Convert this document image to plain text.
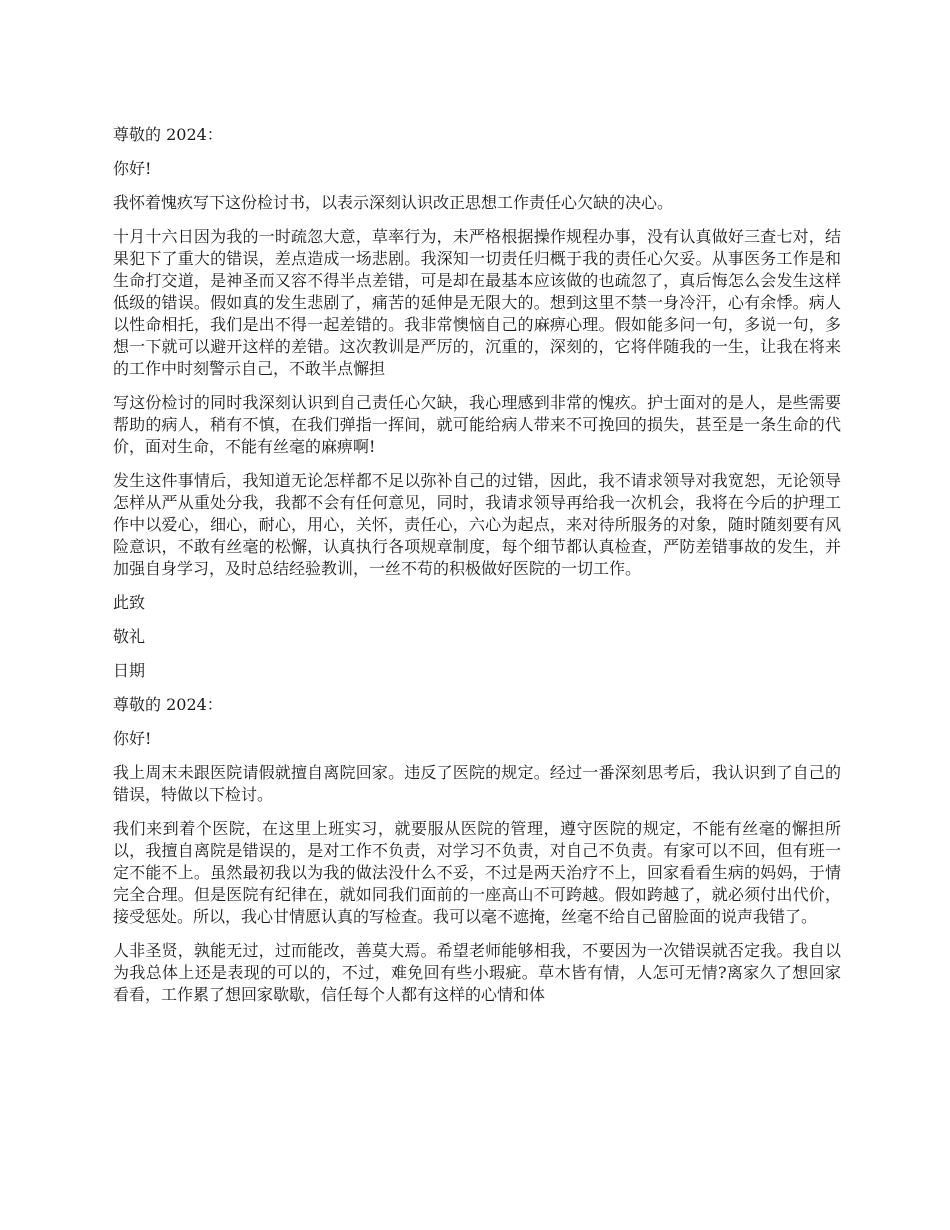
尊敬的 2024：

你好!

我怀着愧疚写下这份检讨书，以表示深刻认识改正思想工作责任心欠缺的决心。

十月十六日因为我的一时疏忽大意，草率行为，未严格根据操作规程办事，没有认真做好三查七对，结果犯下了重大的错误，差点造成一场悲剧。我深知一切责任归概于我的责任心欠妥。从事医务工作是和生命打交道，是神圣而又容不得半点差错，可是却在最基本应该做的也疏忽了，真后悔怎么会发生这样低级的错误。假如真的发生悲剧了，痛苦的延伸是无限大的。想到这里不禁一身冷汗，心有余悸。病人以性命相托，我们是出不得一起差错的。我非常懊恼自己的麻痹心理。假如能多问一句，多说一句，多想一下就可以避开这样的差错。这次教训是严厉的，沉重的，深刻的，它将伴随我的一生，让我在将来的工作中时刻警示自己，不敢半点懈担

写这份检讨的同时我深刻认识到自己责任心欠缺，我心理感到非常的愧疚。护士面对的是人，是些需要帮助的病人，稍有不慎，在我们弹指一挥间，就可能给病人带来不可挽回的损失，甚至是一条生命的代价，面对生命，不能有丝毫的麻痹啊!

发生这件事情后，我知道无论怎样都不足以弥补自己的过错，因此，我不请求领导对我宽恕，无论领导怎样从严从重处分我，我都不会有任何意见，同时，我请求领导再给我一次机会，我将在今后的护理工作中以爱心，细心，耐心，用心，关怀，责任心，六心为起点，来对待所服务的对象，随时随刻要有风险意识，不敢有丝毫的松懈，认真执行各项规章制度，每个细节都认真检查，严防差错事故的发生，并加强自身学习，及时总结经验教训，一丝不苟的积极做好医院的一切工作。

此致

敬礼

日期

尊敬的 2024：

你好!

我上周末未跟医院请假就擅自离院回家。违反了医院的规定。经过一番深刻思考后，我认识到了自己的错误，特做以下检讨。

我们来到着个医院，在这里上班实习，就要服从医院的管理，遵守医院的规定，不能有丝毫的懈担所以，我擅自离院是错误的，是对工作不负责，对学习不负责，对自己不负责。有家可以不回，但有班一定不能不上。虽然最初我以为我的做法没什么不妥，不过是两天治疗不上，回家看看生病的妈妈，于情完全合理。但是医院有纪律在，就如同我们面前的一座高山不可跨越。假如跨越了，就必须付出代价，接受惩处。所以，我心甘情愿认真的写检查。我可以毫不遮掩，丝毫不给自己留脸面的说声我错了。

人非圣贤，孰能无过，过而能改，善莫大焉。希望老师能够相我，不要因为一次错误就否定我。我自以为我总体上还是表现的可以的，不过，难免回有些小瑕疵。草木皆有情，人怎可无情?离家久了想回家看看，工作累了想回家歇歇，信任每个人都有这样的心情和体
